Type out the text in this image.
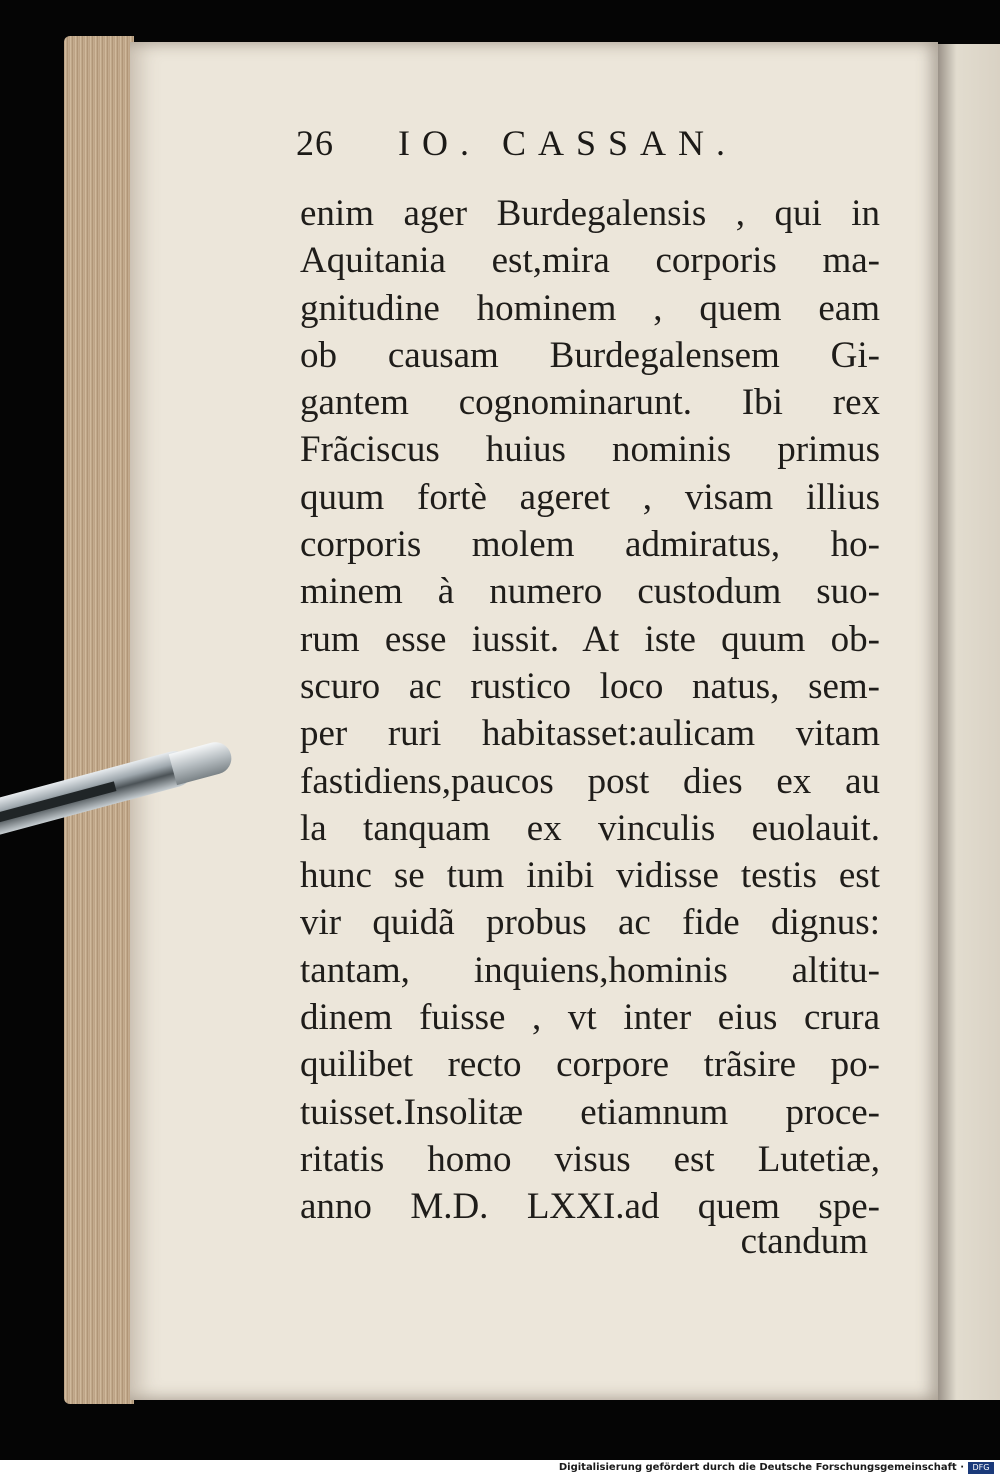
26 IO. CASSAN.
enim ager Burdegalensis , qui in
Aquitania est,mira corporis ma-
gnitudine hominem , quem eam
ob causam Burdegalensem Gi-
gantem cognominarunt. Ibi rex
Frãciscus huius nominis primus
quum fortè ageret , visam illius
corporis molem admiratus, ho-
minem à numero custodum suo-
rum esse iussit. At iste quum ob-
scuro ac rustico loco natus, sem-
per ruri habitasset:aulicam vitam
fastidiens,paucos post dies ex au
la tanquam ex vinculis euolauit.
hunc se tum inibi vidisse testis est
vir quidã probus ac fide dignus:
tantam, inquiens,hominis altitu-
dinem fuisse , vt inter eius crura
quilibet recto corpore trãsire po-
tuisset.Insolitæ etiamnum proce-
ritatis homo visus est Lutetiæ,
anno M.D. LXXI.ad quem spe-
ctandum
Digitalisierung gefördert durch die Deutsche Forschungsgemeinschaft ·	DFG
